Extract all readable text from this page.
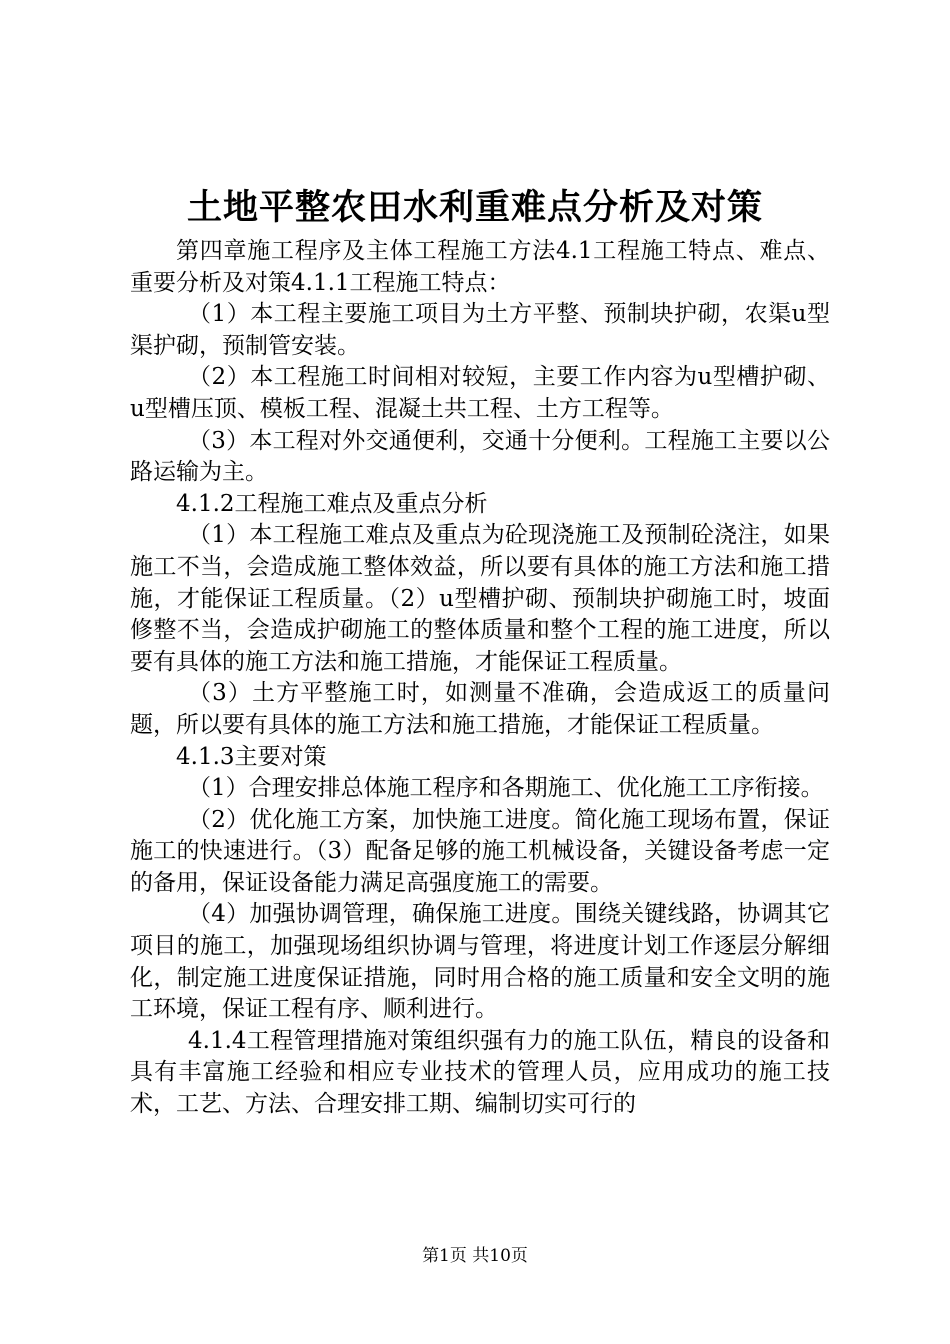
土地平整农田水利重难点分析及对策

第四章施工程序及主体工程施工方法4.1工程施工特点、难点、重要分析及对策4.1.1工程施工特点：

（1）本工程主要施工项目为土方平整、预制块护砌，农渠u型渠护砌，预制管安装。

（2）本工程施工时间相对较短，主要工作内容为u型槽护砌、u型槽压顶、模板工程、混凝土共工程、土方工程等。

（3）本工程对外交通便利，交通十分便利。工程施工主要以公路运输为主。

4.1.2工程施工难点及重点分析

（1）本工程施工难点及重点为砼现浇施工及预制砼浇注，如果施工不当，会造成施工整体效益，所以要有具体的施工方法和施工措施，才能保证工程质量。（2）u型槽护砌、预制块护砌施工时，坡面修整不当，会造成护砌施工的整体质量和整个工程的施工进度，所以要有具体的施工方法和施工措施，才能保证工程质量。

（3）土方平整施工时，如测量不准确，会造成返工的质量问题，所以要有具体的施工方法和施工措施，才能保证工程质量。

4.1.3主要对策

（1）合理安排总体施工程序和各期施工、优化施工工序衔接。

（2）优化施工方案，加快施工进度。简化施工现场布置，保证施工的快速进行。（3）配备足够的施工机械设备，关键设备考虑一定的备用，保证设备能力满足高强度施工的需要。

（4）加强协调管理，确保施工进度。围绕关键线路，协调其它项目的施工，加强现场组织协调与管理，将进度计划工作逐层分解细化，制定施工进度保证措施，同时用合格的施工质量和安全文明的施工环境，保证工程有序、顺利进行。

4.1.4工程管理措施对策组织强有力的施工队伍，精良的设备和具有丰富施工经验和相应专业技术的管理人员，应用成功的施工技术，工艺、方法、合理安排工期、编制切实可行的

第1页 共10页
